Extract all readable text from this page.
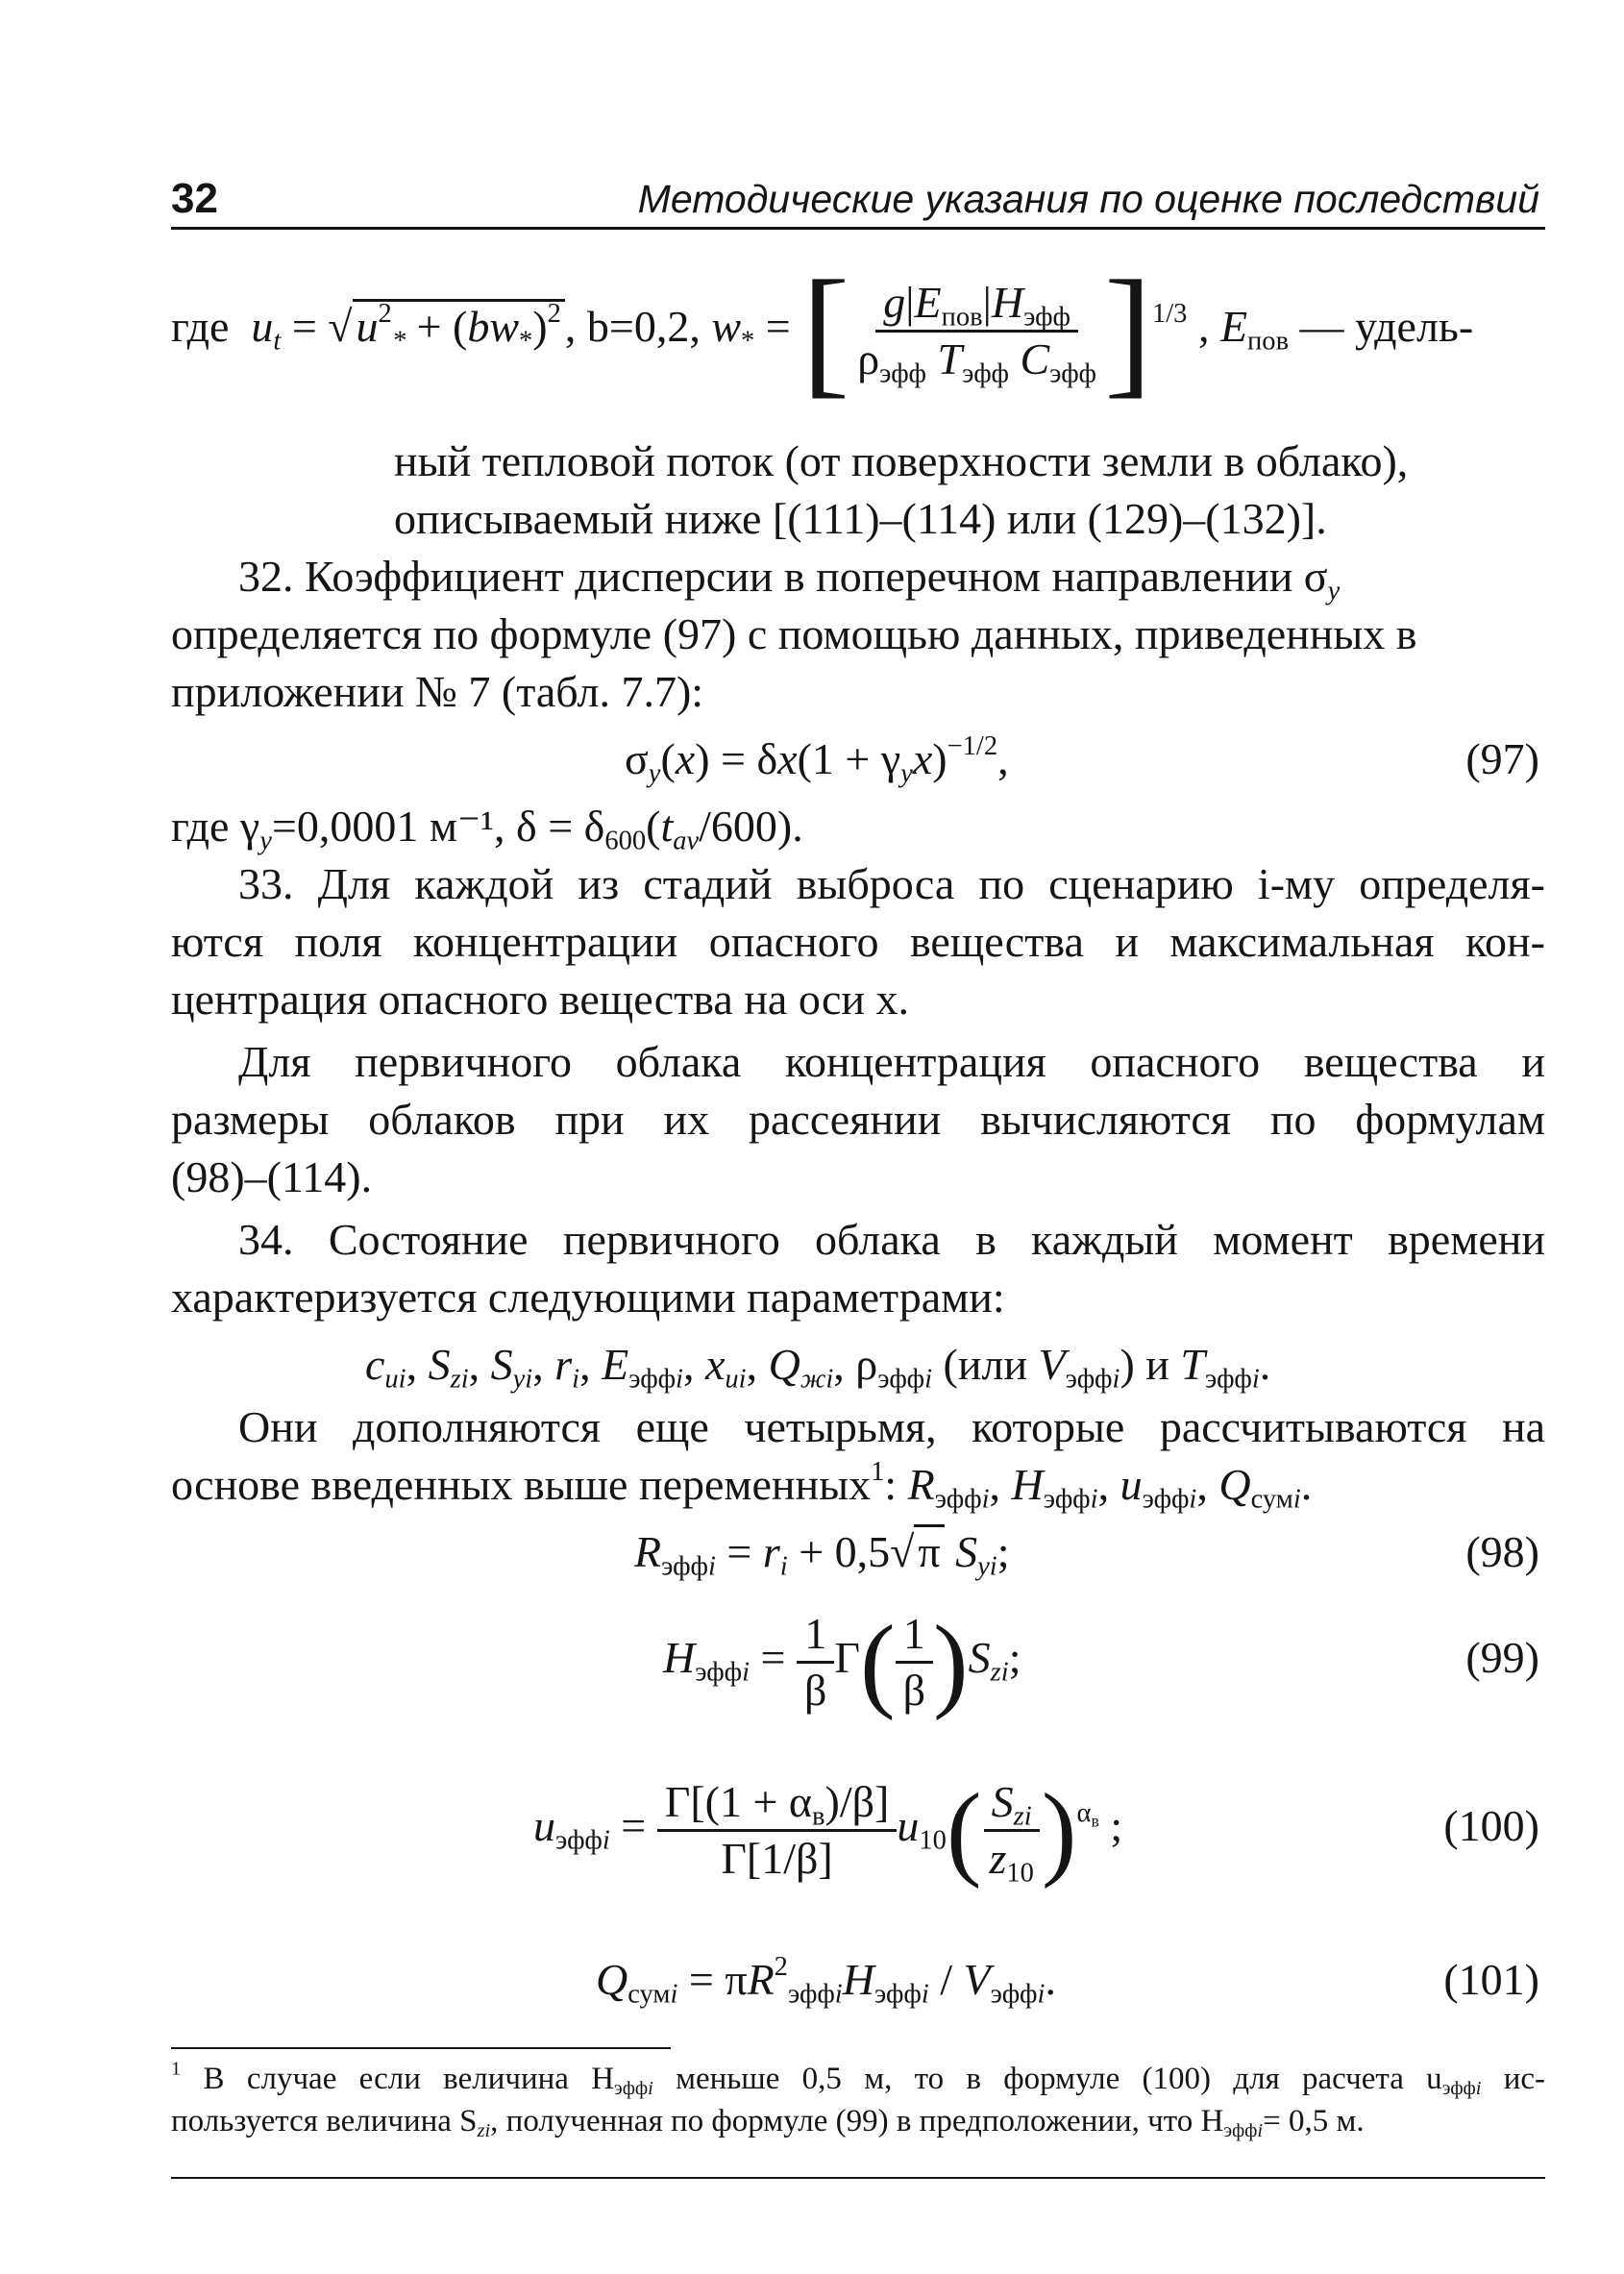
32	Методические указания по оценке последствий
где $u_t = √u^2_* + (bw_*)^2$, b=0,2, $w_*$ = [ $\frac{g|E_{пов}|H_{эфф}}{\rho_{эфф} T_{эфф} C_{эфф}} ]^{1/3}$ , $E_{пов}$ — удель-
ный тепловой поток (от поверхности земли в облако),
описываемый ниже [(111)–(114) или (129)–(132)].
32. Коэффициент дисперсии в поперечном направлении $\sigma_y$
определяется по формуле (97) с помощью данных, приведенных в
приложении № 7 (табл. 7.7):
$\sigma_y(x) = \delta x(1 + \gamma_yx)^{-1/2}$,	(97)
где $\gamma_y=0,0001$ м⁻¹, $\delta = \delta_{600}(t_{av}/600)$.
33. Для каждой из стадий выброса по сценарию i-му определя-
ются поля концентрации опасного вещества и максимальная кон-
центрация опасного вещества на оси x.
Для первичного облака концентрация опасного вещества и
размеры облаков при их рассеянии вычисляются по формулам
(98)–(114).
34. Состояние первичного облака в каждый момент времени
характеризуется следующими параметрами:
$c_{ui}$, $S_{zi}$, $S_{yi}$, $r_i$, $E_{эффi}$, $x_{ui}$, $Q_{жi}$, $\rho_{эффi}$ (или $V_{эффi}$) и $T_{эффi}$.
Они дополняются еще четырьмя, которые рассчитываются на
основе введенных выше переменных$^1$: $R_{эффi}$, $H_{эффi}$, $u_{эффi}$, $Q_{сумi}$.
$R_{эффi} = r_i + 0,5√\pi$ $S_{yi}$;	(98)
$H_{эффi} = \frac{1}{\beta} \Gamma( \frac{1}{\beta} )S_{zi}$;	(99)
$u_{эффi} = \frac{\Gamma[(1 + \alpha_в)/\beta]}{\Gamma[1/\beta]} u_{10}( \frac{S_{zi}}{z_{10}} )^{\alpha_в}$ ;	(100)
$Q_{сумi} = \pi R^2_{эффi}H_{эффi} / V_{эффi}$.	(101)
$^1$ В случае если величина $H_{эффi}$ меньше 0,5 м, то в формуле (100) для расчета $u_{эффi}$ ис-
пользуется величина $S_{zi}$, полученная по формуле (99) в предположении, что $H_{эффi}= 0,5$ м.
